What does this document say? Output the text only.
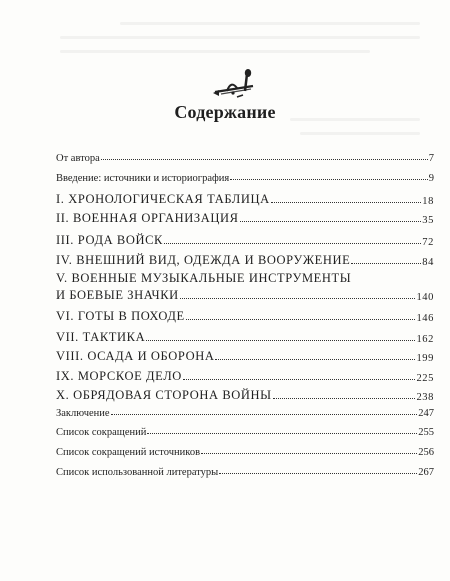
Содержание
От автора	7
Введение: источники и историография	9
I. ХРОНОЛОГИЧЕСКАЯ ТАБЛИЦА	18
II. ВОЕННАЯ ОРГАНИЗАЦИЯ	35
III. РОДА ВОЙСК	72
IV. ВНЕШНИЙ ВИД, ОДЕЖДА И ВООРУЖЕНИЕ	84
V. ВОЕННЫЕ МУЗЫКАЛЬНЫЕ ИНСТРУМЕНТЫ
И БОЕВЫЕ ЗНАЧКИ	140
VI. ГОТЫ В ПОХОДЕ	146
VII. ТАКТИКА	162
VIII. ОСАДА И ОБОРОНА	199
IX. МОРСКОЕ ДЕЛО	225
X. ОБРЯДОВАЯ СТОРОНА ВОЙНЫ	238
Заключение	247
Список сокращений	255
Список сокращений источников	256
Список использованной литературы	267
